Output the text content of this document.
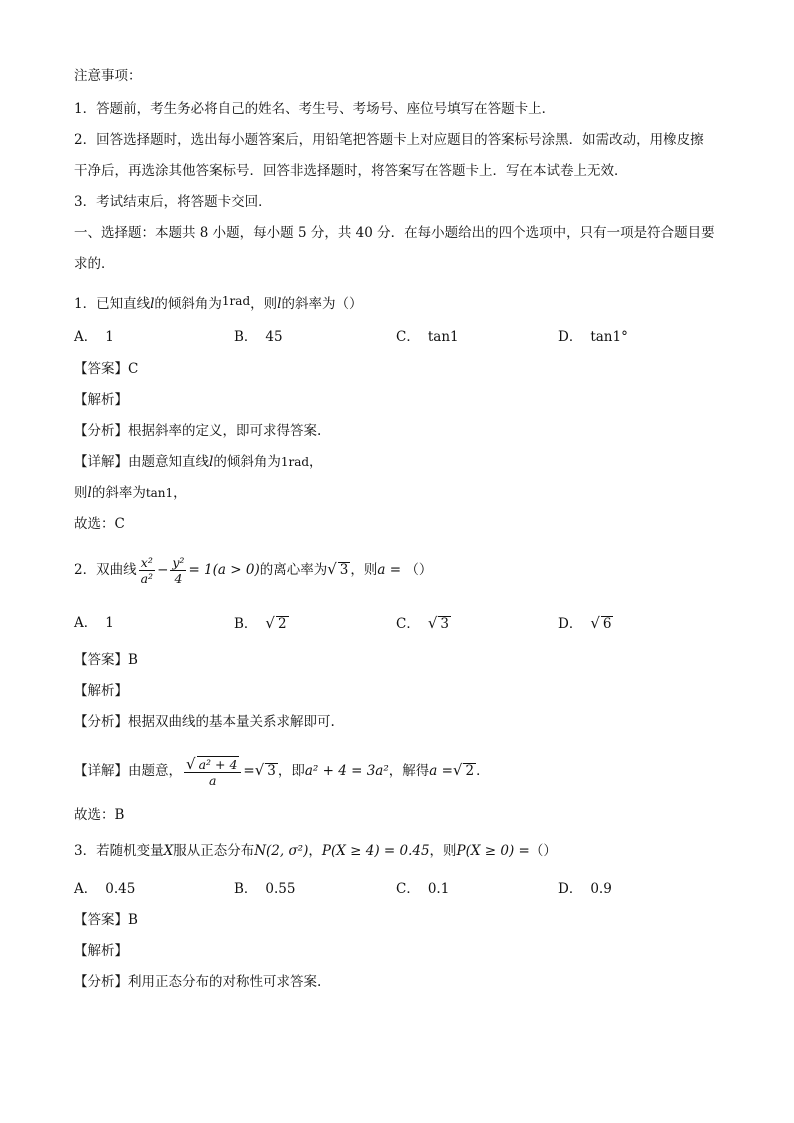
注意事项：
1．答题前，考生务必将自己的姓名、考生号、考场号、座位号填写在答题卡上．
2．回答选择题时，选出每小题答案后，用铅笔把答题卡上对应题目的答案标号涂黑．如需改动，用橡皮擦
干净后，再选涂其他答案标号．回答非选择题时，将答案写在答题卡上．写在本试卷上无效．
3．考试结束后，将答题卡交回．
一、选择题：本题共 8 小题，每小题 5 分，共 40 分．在每小题给出的四个选项中，只有一项是符合题目要
求的．
1．已知直线l的倾斜角为1rad，则l的斜率为（）
A． 1	B． 45	C． tan1	D． tan1°
【答案】C
【解析】
【分析】根据斜率的定义，即可求得答案.
【详解】由题意知直线l的倾斜角为1rad，
则l的斜率为tan1，
故选：C
2．双曲线 $\frac{\text{x²}}{\text{a²}} - \frac{\text{y²}}{4} = 1(a > 0)$的离心率为√ 3 ，则a = （）
A． 1	B． √ 2	C． √ 3	D． √ 6
【答案】B
【解析】
【分析】根据双曲线的基本量关系求解即可.
【详解】由题意， $\frac{\text{√ a² + 4}}{a}$ =√ 3 ，即a² + 4 = 3a²，解得a =√ 2 ．
故选：B
3．若随机变量X服从正态分布N(2, σ²)，P(X ≥ 4) = 0.45，则P(X ≥ 0) =（）
A． 0.45	B． 0.55	C． 0.1	D． 0.9
【答案】B
【解析】
【分析】利用正态分布的对称性可求答案.
